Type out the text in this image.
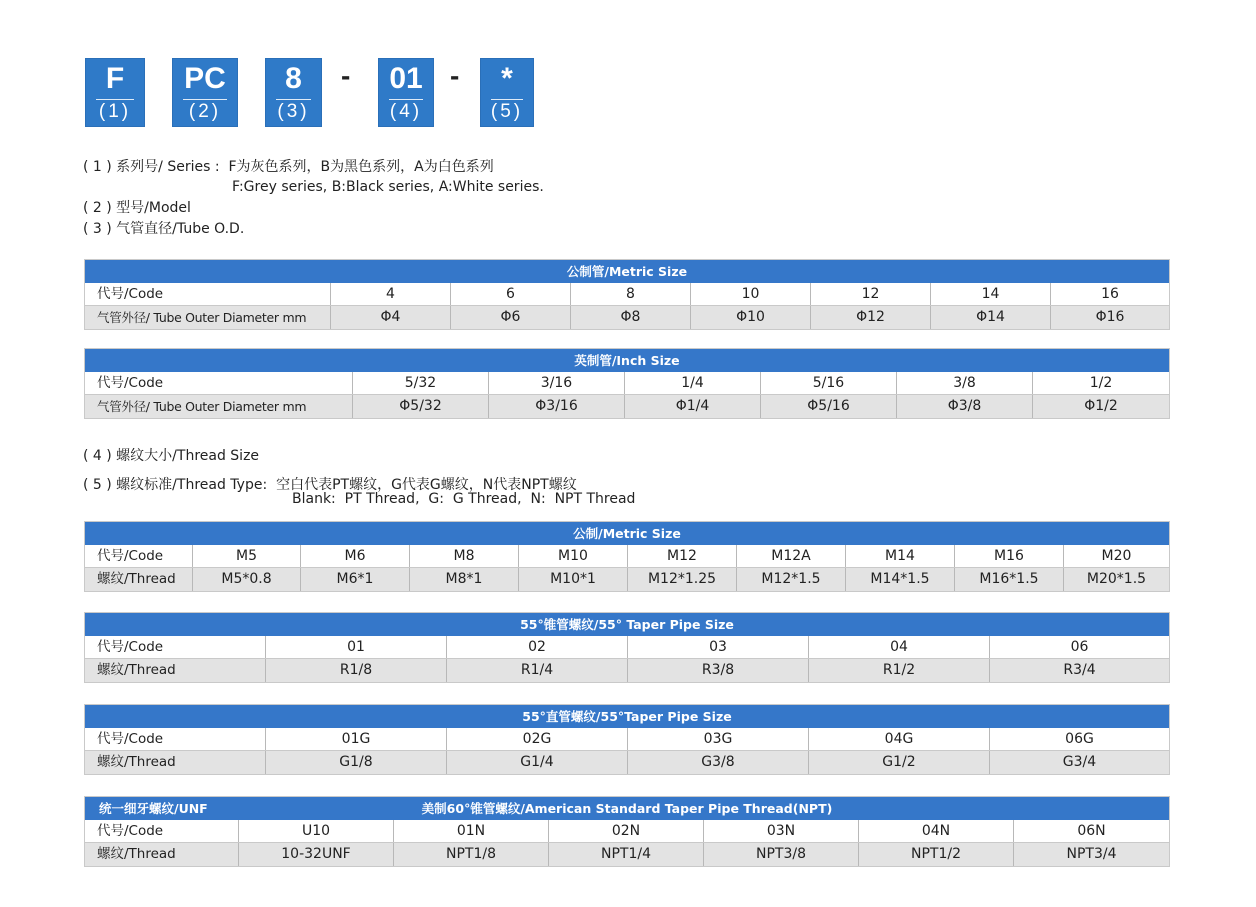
F
(1)
PC
(2)
8
(3)
-	01
(4)
-	*
(5)
( 1 ) 系列号/ Series :  F为灰色系列，B为黑色系列，A为白色系列
F:Grey series, B:Black series, A:White series.
( 2 ) 型号/Model
( 3 ) 气管直径/Tube O.D.
公制管/Metric Size
代号/Code	4	6	8	10	12	14	16
气管外径/ Tube Outer Diameter mm	Φ4	Φ6	Φ8	Φ10	Φ12	Φ14	Φ16
英制管/Inch Size
代号/Code	5/32	3/16	1/4	5/16	3/8	1/2
气管外径/ Tube Outer Diameter mm	Φ5/32	Φ3/16	Φ1/4	Φ5/16	Φ3/8	Φ1/2
( 4 ) 螺纹大小/Thread Size
( 5 ) 螺纹标准/Thread Type:  空白代表PT螺纹，G代表G螺纹，N代表NPT螺纹
Blank:  PT Thread,  G:  G Thread,  N:  NPT Thread
公制/Metric Size
代号/Code	M5	M6	M8	M10	M12	M12A	M14	M16	M20
螺纹/Thread	M5*0.8	M6*1	M8*1	M10*1	M12*1.25	M12*1.5	M14*1.5	M16*1.5	M20*1.5
55°锥管螺纹/55° Taper Pipe Size
代号/Code	01	02	03	04	06
螺纹/Thread	R1/8	R1/4	R3/8	R1/2	R3/4
55°直管螺纹/55°Taper Pipe Size
代号/Code	01G	02G	03G	04G	06G
螺纹/Thread	G1/8	G1/4	G3/8	G1/2	G3/4
统一细牙螺纹/UNF	美制60°锥管螺纹/American Standard Taper Pipe Thread(NPT)
代号/Code	U10	01N	02N	03N	04N	06N
螺纹/Thread	10-32UNF	NPT1/8	NPT1/4	NPT3/8	NPT1/2	NPT3/4
